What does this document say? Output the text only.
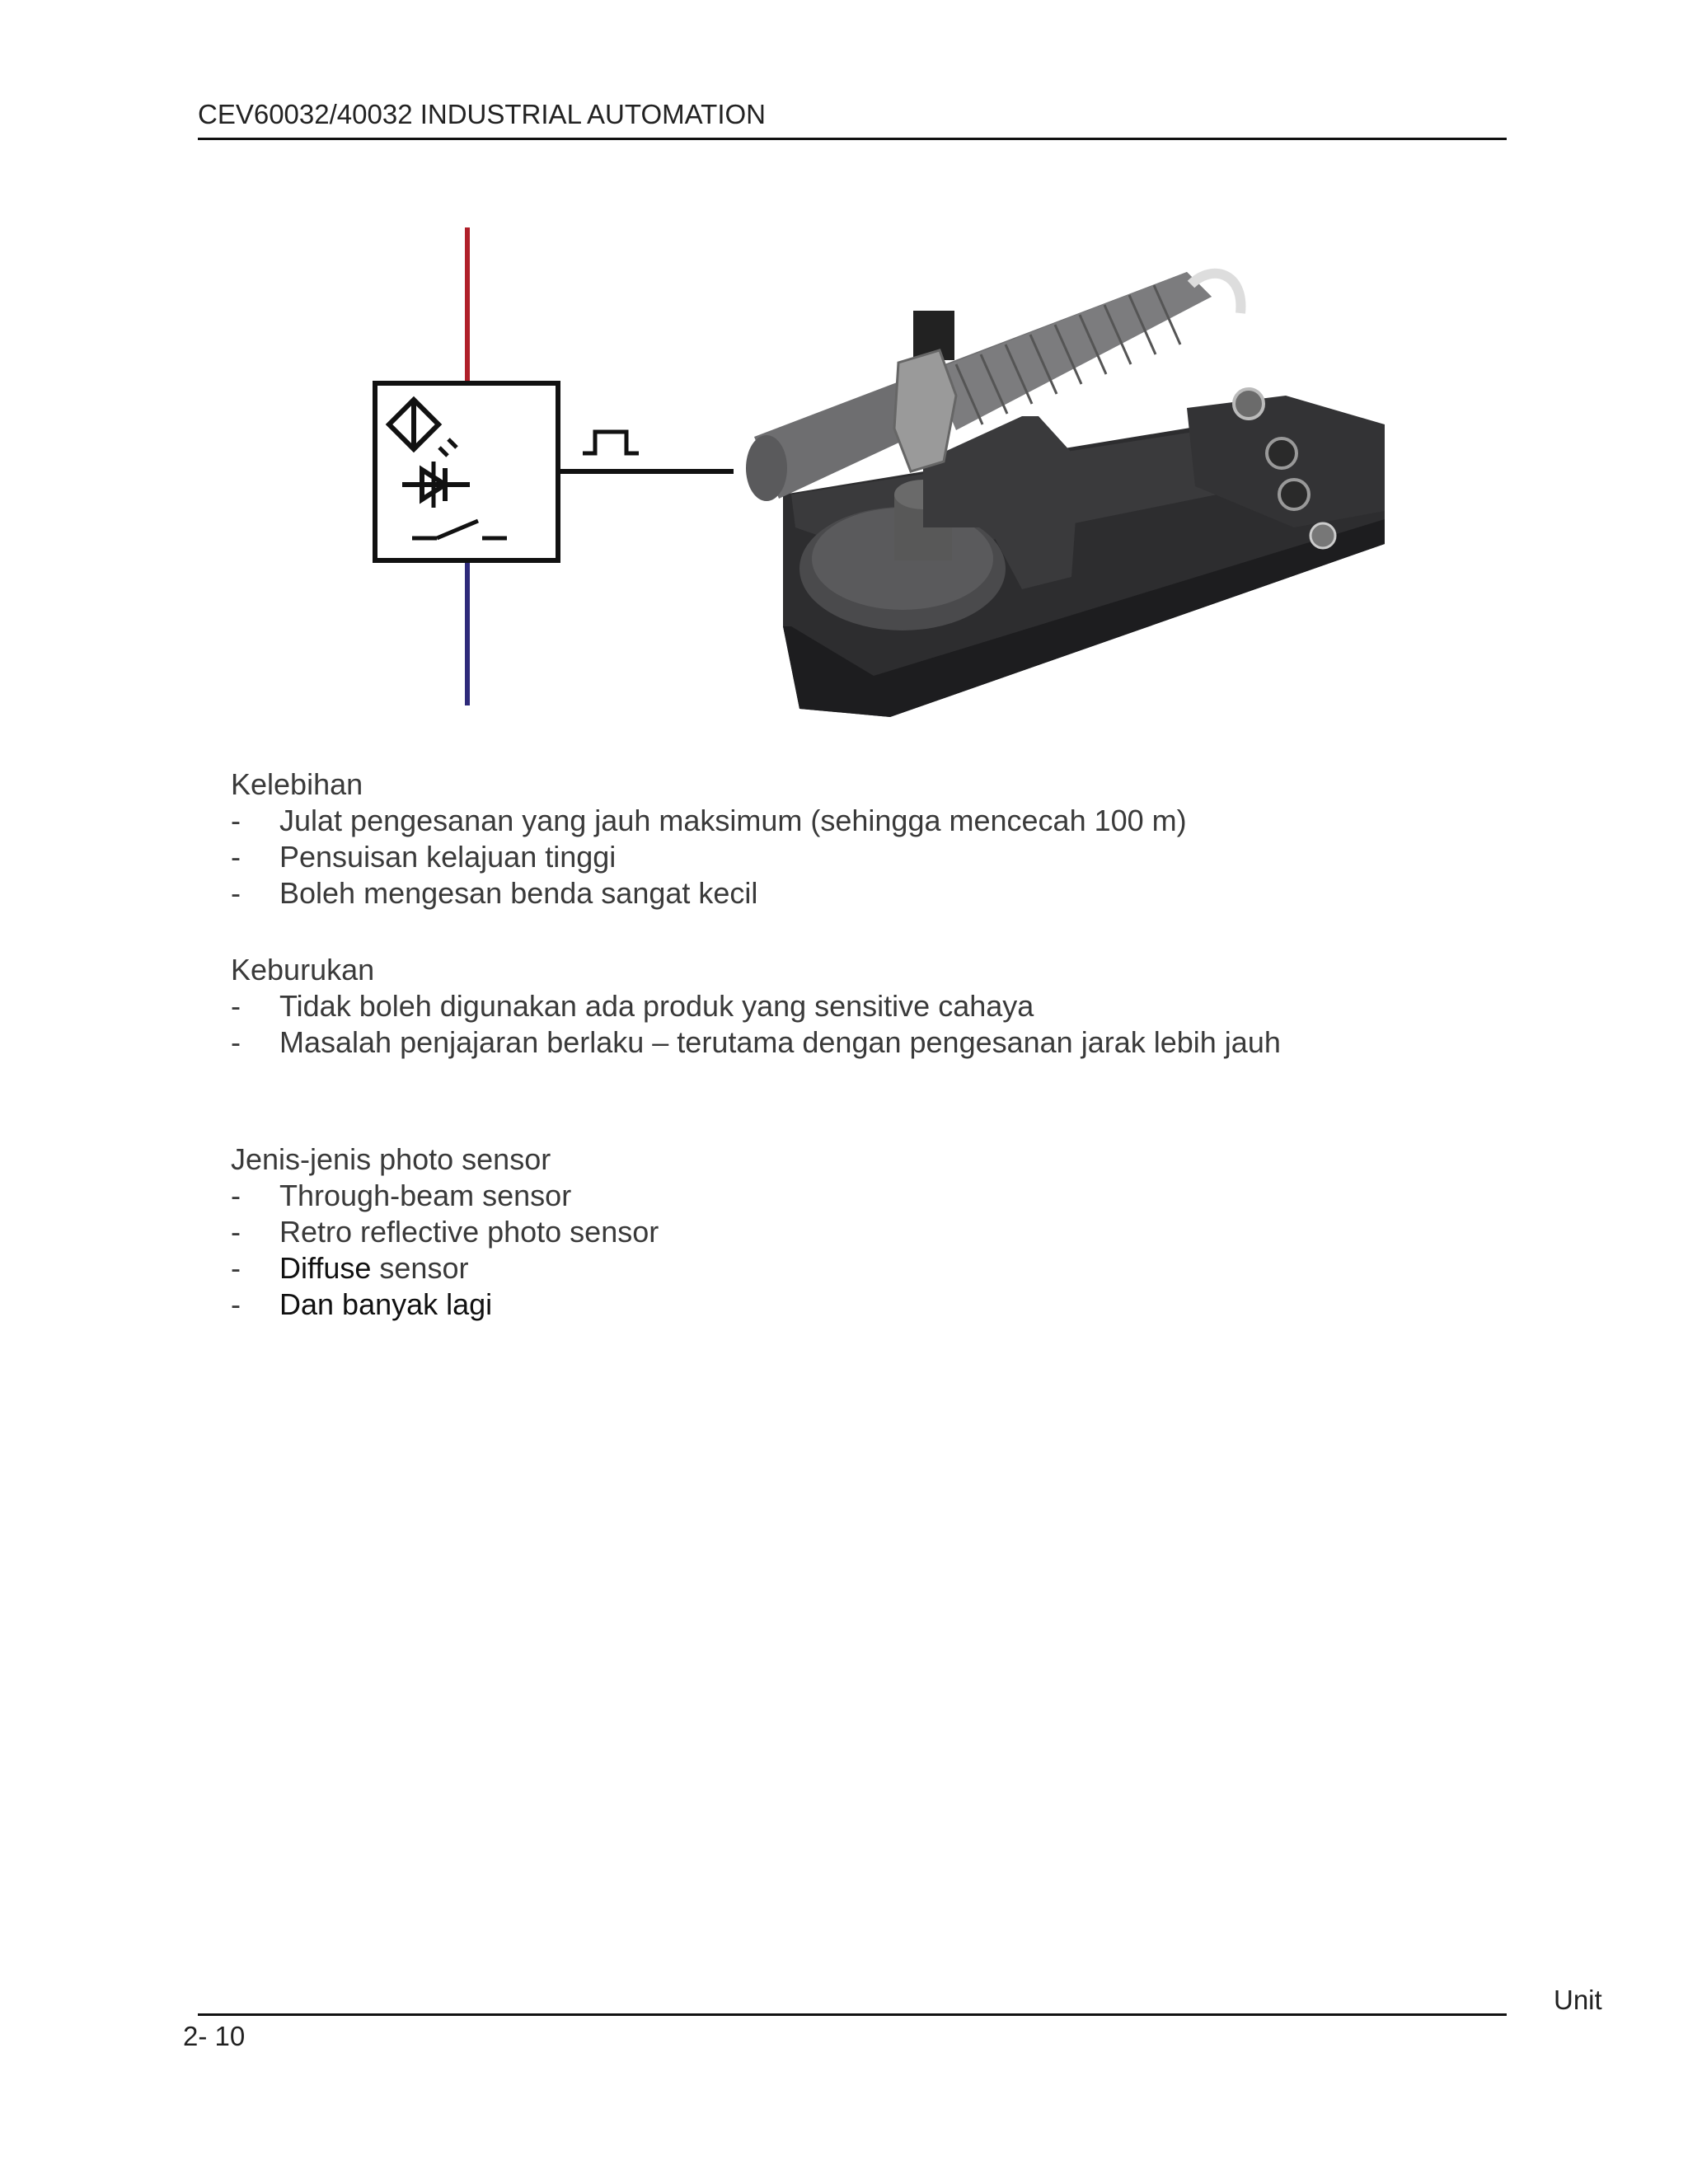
CEV60032/40032 INDUSTRIAL AUTOMATION

Kelebihan

- Julat pengesanan yang jauh maksimum (sehingga mencecah 100 m)
- Pensuisan kelajuan tinggi
- Boleh mengesan benda sangat kecil

Keburukan

- Tidak boleh digunakan ada produk yang sensitive cahaya
- Masalah penjajaran berlaku – terutama dengan pengesanan jarak lebih jauh

Jenis-jenis photo sensor

- Through-beam sensor
- Retro reflective photo sensor
- Diffuse sensor
- Dan banyak lagi
Unit
2- 10
